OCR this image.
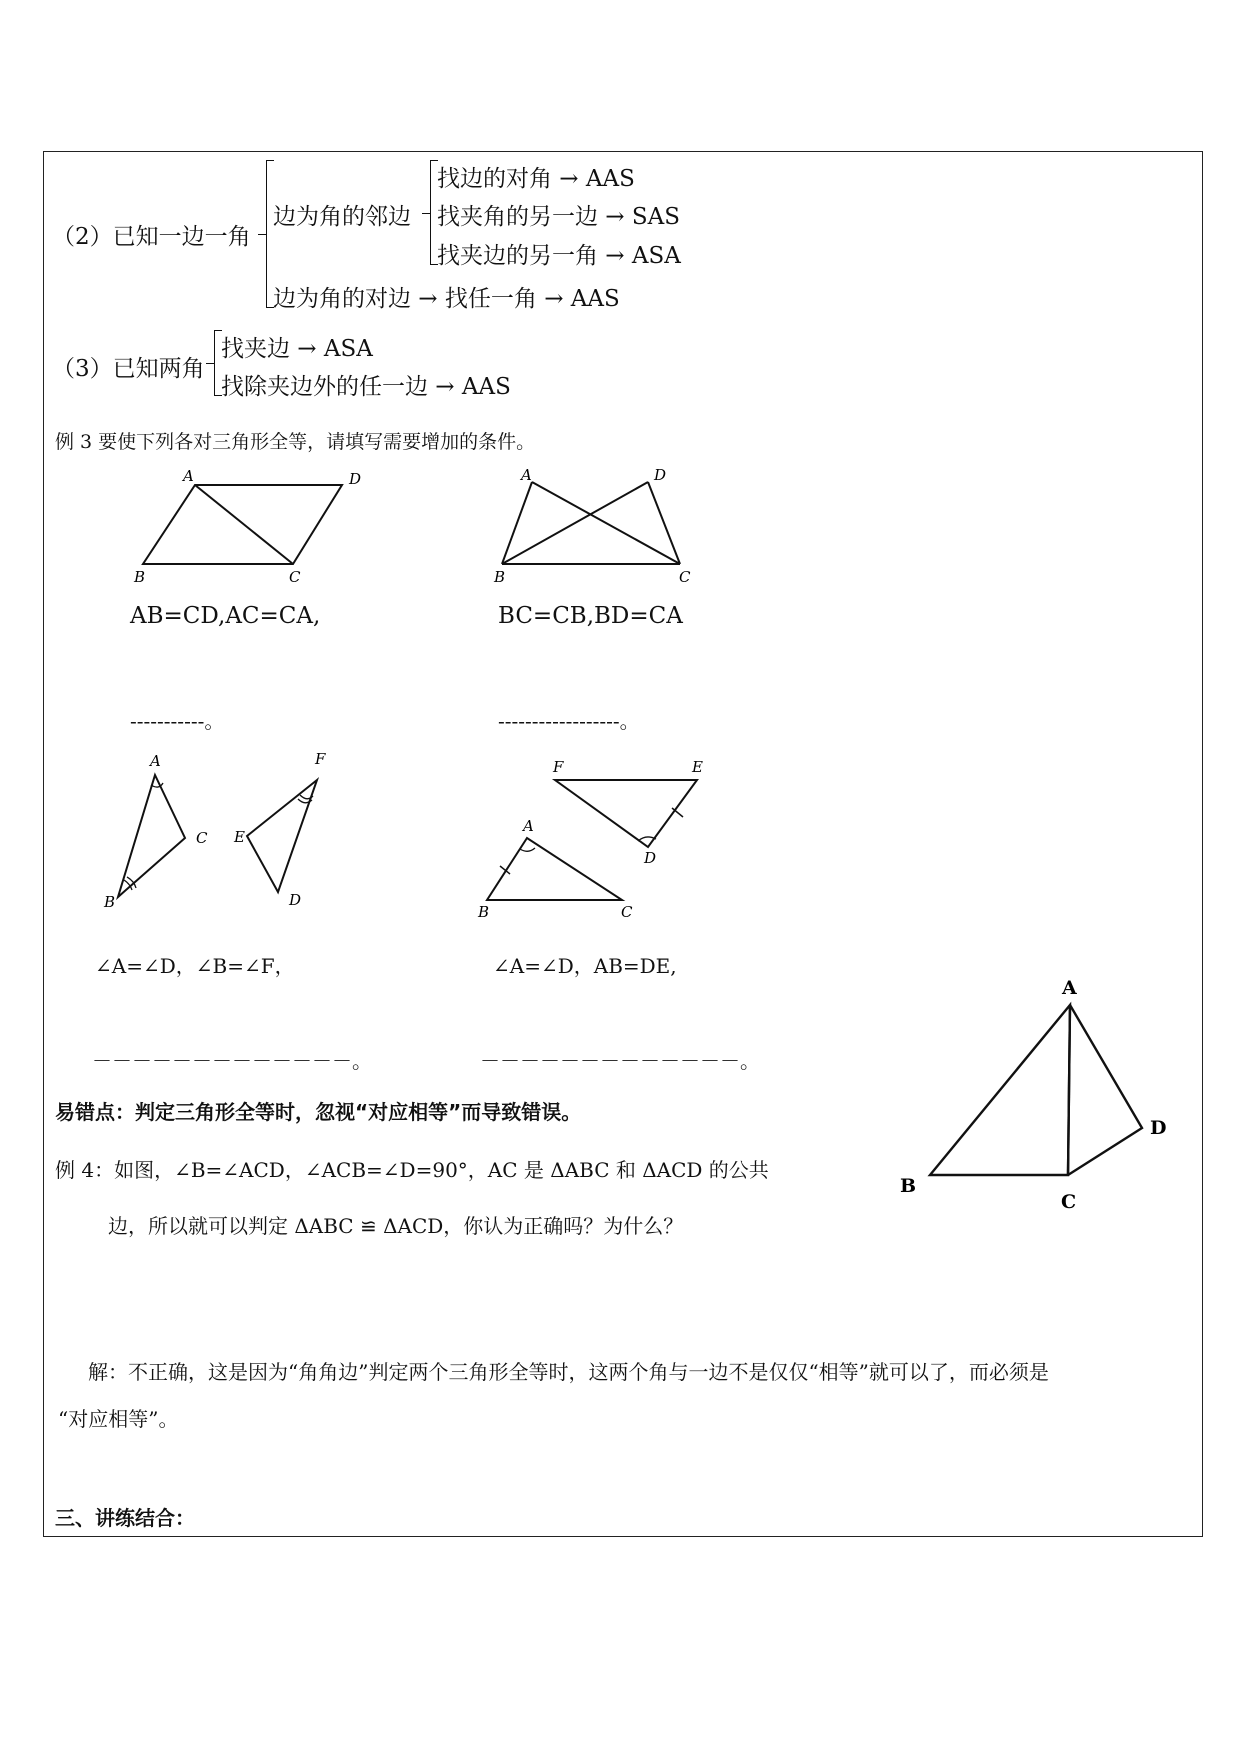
（2）已知一边一角
边为角的邻边
找边的对角 → AAS
找夹角的另一边 → SAS
找夹边的另一角 → ASA
边为角的对边 → 找任一角 → AAS
（3）已知两角
找夹边 → ASA
找除夹边外的任一边 → AAS
例 3 要使下列各对三角形全等，请填写需要增加的条件。
A	D
B	C
A	D
B	C
AB=CD,AC=CA,	BC=CB,BD=CA
-----------。	------------------。
A
C
B
F
E
D
F	E
D
A
B	C
∠A=∠D，∠B=∠F，	∠A=∠D，AB=DE,
－－－－－－－－－－－－－。	－－－－－－－－－－－－－。
易错点：判定三角形全等时，忽视“对应相等”而导致错误。
例 4：如图，∠B=∠ACD，∠ACB=∠D=90°，AC 是 ΔABC 和 ΔACD 的公共
边，所以就可以判定 ΔABC ≌ ΔACD，你认为正确吗？为什么？
A
B
C
D
解：不正确，这是因为“角角边”判定两个三角形全等时，这两个角与一边不是仅仅“相等”就可以了，而必须是
“对应相等”。
三、讲练结合：
